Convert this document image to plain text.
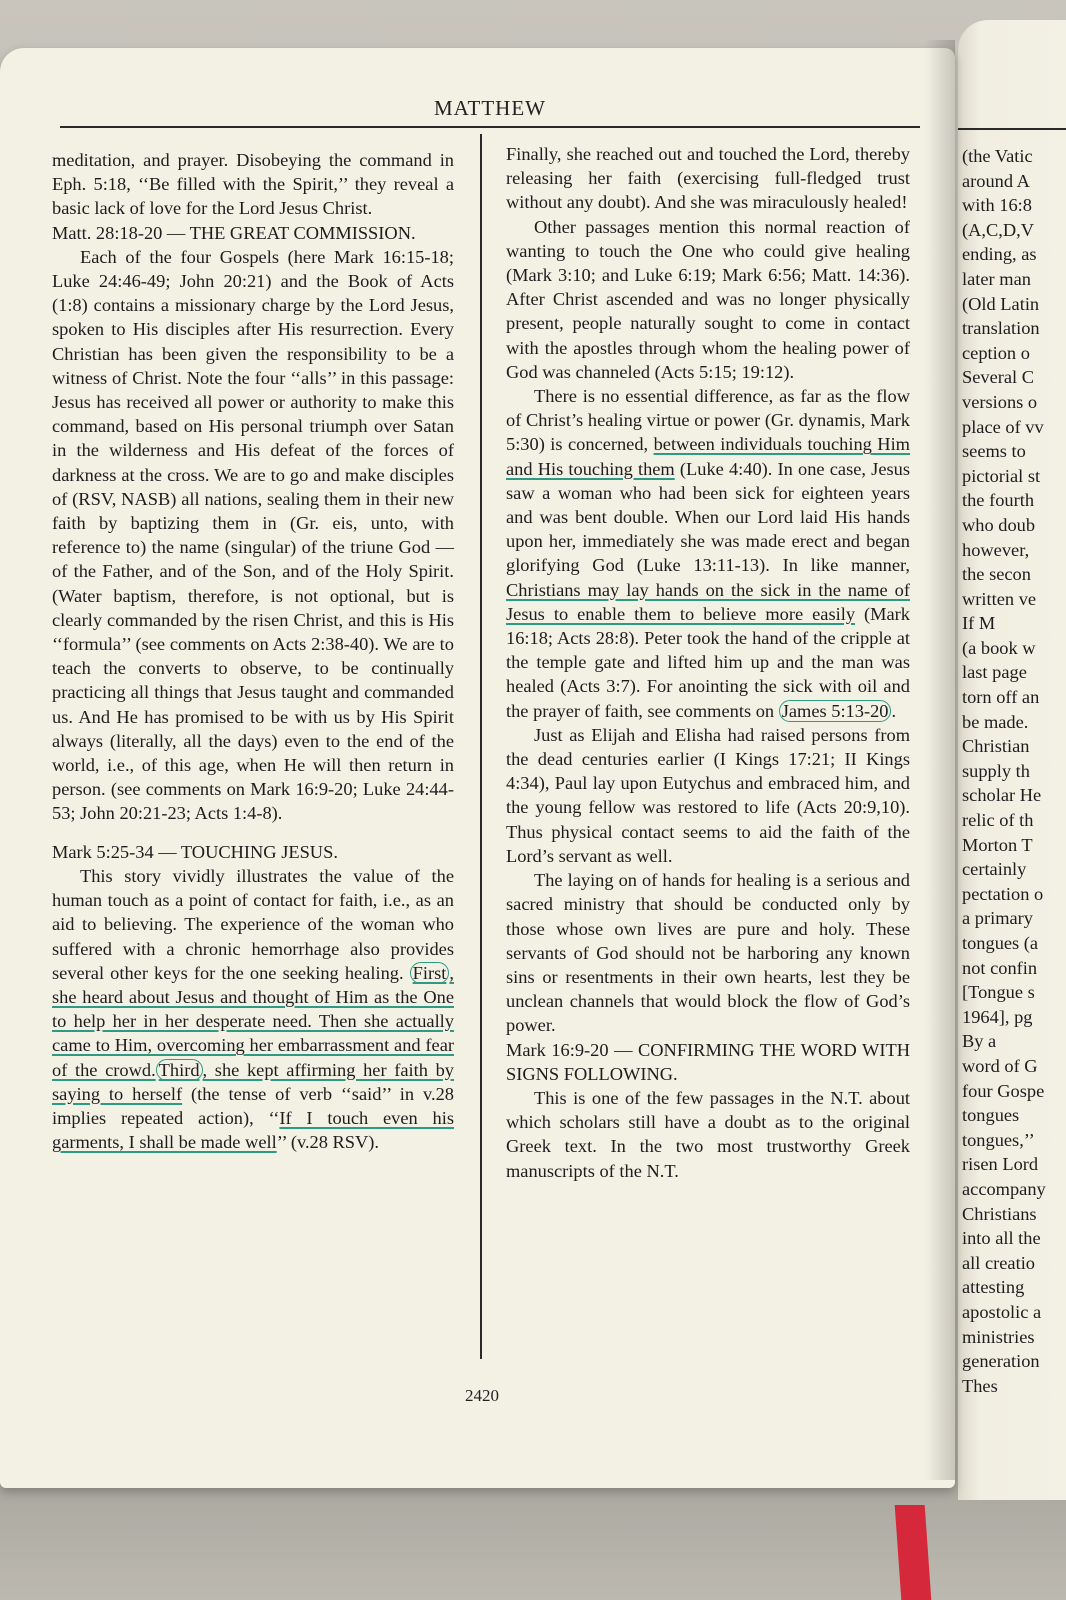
(the Vatic
around A
with 16:8
(A,C,D,V
ending, as
later man
(Old Latin
translation
ception o
Several C
versions o
place of vv
seems to
pictorial st
the fourth
who doub
however,
the secon
written ve
If M
(a book w
last page
torn off an
be made.
Christian
supply th
scholar He
relic of th
Morton T
certainly
pectation o
a primary
tongues (a
not confin
[Tongue s
1964], pg
By a
word of G
four Gospe
tongues
tongues,’’
risen Lord
accompany
Christians
into all the
all creatio
attesting
apostolic a
ministries
generation
Thes
MATTHEW

meditation, and prayer. Disobeying the command in Eph. 5:18, ‘‘Be filled with the Spirit,’’ they reveal a basic lack of love for the Lord Jesus Christ.

Matt. 28:18-20 — THE GREAT COMMISSION.

Each of the four Gospels (here Mark 16:15-18; Luke 24:46-49; John 20:21) and the Book of Acts (1:8) contains a missionary charge by the Lord Jesus, spoken to His disciples after His resurrection. Every Christian has been given the responsibility to be a witness of Christ. Note the four ‘‘alls’’ in this passage: Jesus has received all power or authority to make this command, based on His personal triumph over Satan in the wilderness and His defeat of the forces of darkness at the cross. We are to go and make disciples of (RSV, NASB) all nations, sealing them in their new faith by baptizing them in (Gr. eis, unto, with reference to) the name (singular) of the triune God — of the Father, and of the Son, and of the Holy Spirit. (Water baptism, therefore, is not optional, but is clearly commanded by the risen Christ, and this is His ‘‘formula’’ (see comments on Acts 2:38-40). We are to teach the converts to observe, to be continually practicing all things that Jesus taught and commanded us. And He has promised to be with us by His Spirit always (literally, all the days) even to the end of the world, i.e., of this age, when He will then return in person. (see comments on Mark 16:9-20; Luke 24:44-53; John 20:21-23; Acts 1:4-8).

Mark 5:25-34 — TOUCHING JESUS.

This story vividly illustrates the value of the human touch as a point of contact for faith, i.e., as an aid to believing. The experience of the woman who suffered with a chronic hemorrhage also provides several other keys for the one seeking healing. First , she heard about Jesus and thought of Him as the One to help her in her desperate need. Then she actually came to Him, overcoming her embarrassment and fear of the crowd. Third , she kept affirming her faith by saying to herself (the tense of verb ‘‘said’’ in v.28 implies repeated action), ‘‘If I touch even his garments, I shall be made well’’ (v.28 RSV).

Finally, she reached out and touched the Lord, thereby releasing her faith (exercising full-fledged trust without any doubt). And she was miraculously healed!

Other passages mention this normal reaction of wanting to touch the One who could give healing (Mark 3:10; and Luke 6:19; Mark 6:56; Matt. 14:36). After Christ ascended and was no longer physically present, people naturally sought to come in contact with the apostles through whom the healing power of God was channeled (Acts 5:15; 19:12).

There is no essential difference, as far as the flow of Christ’s healing virtue or power (Gr. dynamis, Mark 5:30) is concerned, between individuals touching Him and His touching them (Luke 4:40). In one case, Jesus saw a woman who had been sick for eighteen years and was bent double. When our Lord laid His hands upon her, immediately she was made erect and began glorifying God (Luke 13:11-13). In like manner, Christians may lay hands on the sick in the name of Jesus to enable them to believe more easily (Mark 16:18; Acts 28:8). Peter took the hand of the cripple at the temple gate and lifted him up and the man was healed (Acts 3:7). For anointing the sick with oil and the prayer of faith, see comments on James 5:13-20 .

Just as Elijah and Elisha had raised persons from the dead centuries earlier (I Kings 17:21; II Kings 4:34), Paul lay upon Eutychus and embraced him, and the young fellow was restored to life (Acts 20:9,10). Thus physical contact seems to aid the faith of the Lord’s servant as well.

The laying on of hands for healing is a serious and sacred ministry that should be conducted only by those whose own lives are pure and holy. These servants of God should not be harboring any known sins or resentments in their own hearts, lest they be unclean channels that would block the flow of God’s power.

Mark 16:9-20 — CONFIRMING THE WORD WITH SIGNS FOLLOWING.

This is one of the few passages in the N.T. about which scholars still have a doubt as to the original Greek text. In the two most trustworthy Greek manuscripts of the N.T.

2420
